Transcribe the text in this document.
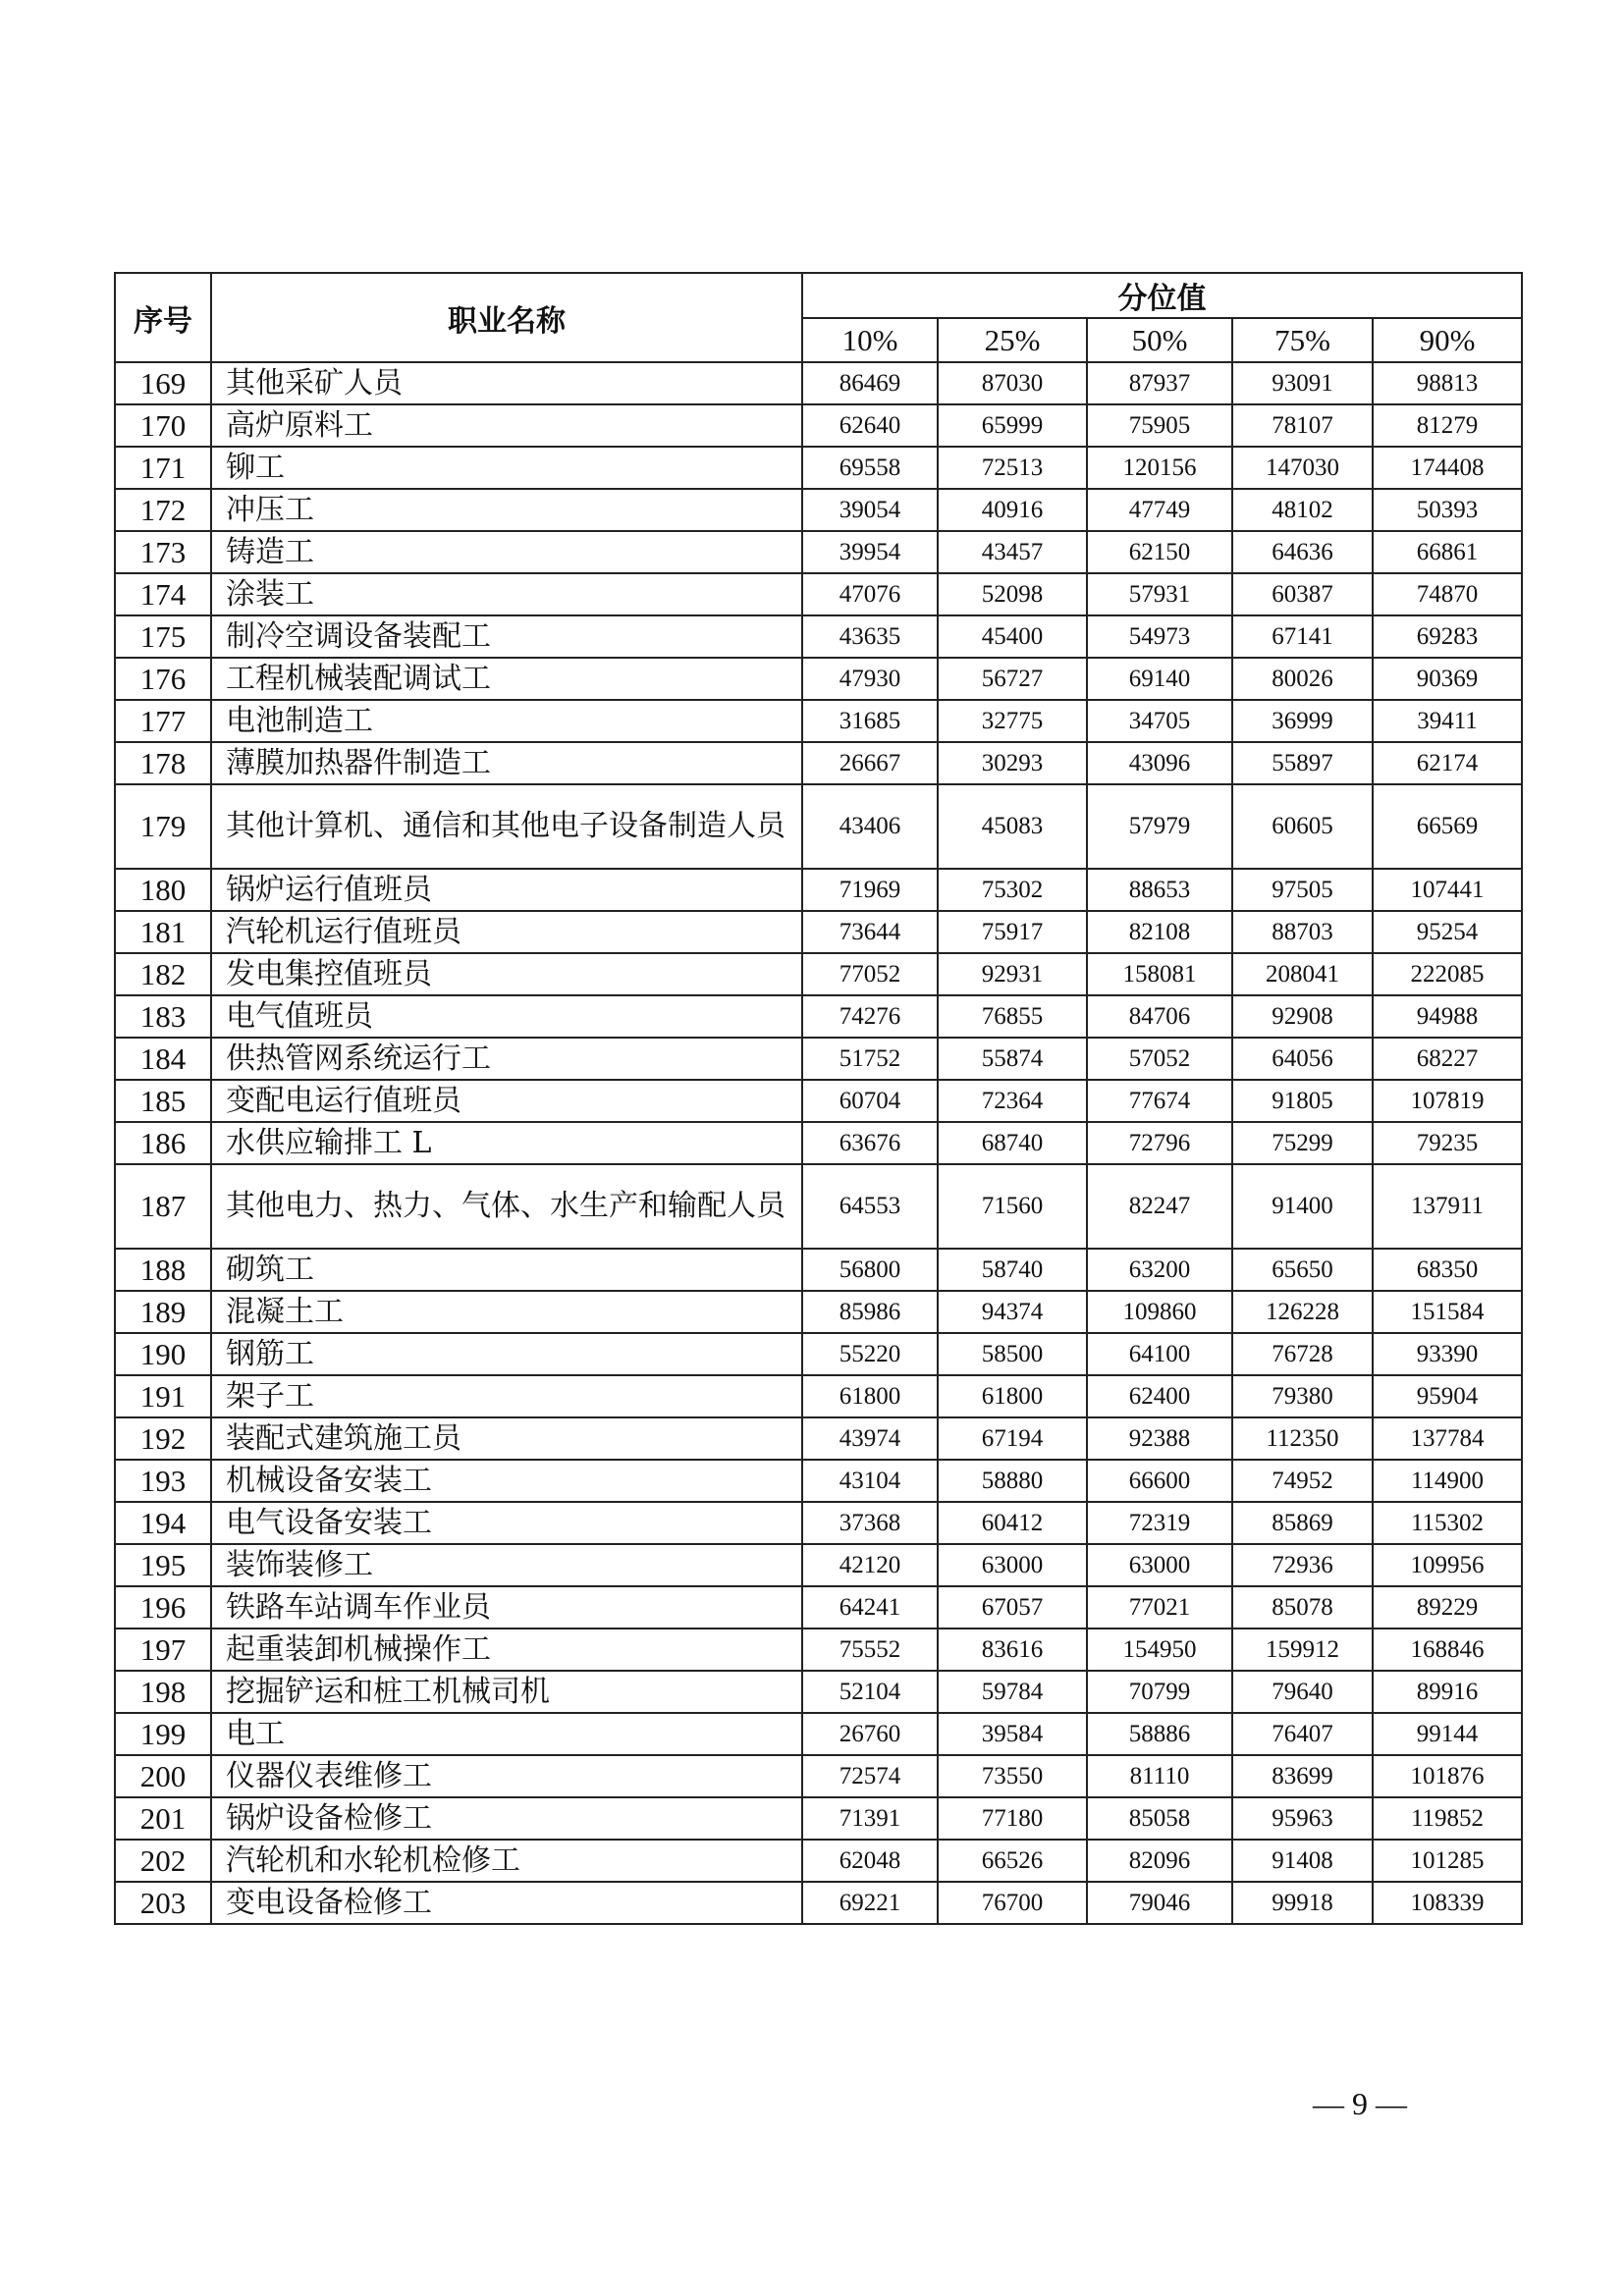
序号	职业名称	分位值				
		10%	25%	50%	75%	90%
169	其他采矿人员	86469	87030	87937	93091	98813
170	高炉原料工	62640	65999	75905	78107	81279
171	铆工	69558	72513	120156	147030	174408
172	冲压工	39054	40916	47749	48102	50393
173	铸造工	39954	43457	62150	64636	66861
174	涂装工	47076	52098	57931	60387	74870
175	制冷空调设备装配工	43635	45400	54973	67141	69283
176	工程机械装配调试工	47930	56727	69140	80026	90369
177	电池制造工	31685	32775	34705	36999	39411
178	薄膜加热器件制造工	26667	30293	43096	55897	62174
179	其他计算机、通信和其他电子设备制造人员	43406	45083	57979	60605	66569
180	锅炉运行值班员	71969	75302	88653	97505	107441
181	汽轮机运行值班员	73644	75917	82108	88703	95254
182	发电集控值班员	77052	92931	158081	208041	222085
183	电气值班员	74276	76855	84706	92908	94988
184	供热管网系统运行工	51752	55874	57052	64056	68227
185	变配电运行值班员	60704	72364	77674	91805	107819
186	水供应输排工 L	63676	68740	72796	75299	79235
187	其他电力、热力、气体、水生产和输配人员	64553	71560	82247	91400	137911
188	砌筑工	56800	58740	63200	65650	68350
189	混凝土工	85986	94374	109860	126228	151584
190	钢筋工	55220	58500	64100	76728	93390
191	架子工	61800	61800	62400	79380	95904
192	装配式建筑施工员	43974	67194	92388	112350	137784
193	机械设备安装工	43104	58880	66600	74952	114900
194	电气设备安装工	37368	60412	72319	85869	115302
195	装饰装修工	42120	63000	63000	72936	109956
196	铁路车站调车作业员	64241	67057	77021	85078	89229
197	起重装卸机械操作工	75552	83616	154950	159912	168846
198	挖掘铲运和桩工机械司机	52104	59784	70799	79640	89916
199	电工	26760	39584	58886	76407	99144
200	仪器仪表维修工	72574	73550	81110	83699	101876
201	锅炉设备检修工	71391	77180	85058	95963	119852
202	汽轮机和水轮机检修工	62048	66526	82096	91408	101285
203	变电设备检修工	69221	76700	79046	99918	108339
— 9 —
